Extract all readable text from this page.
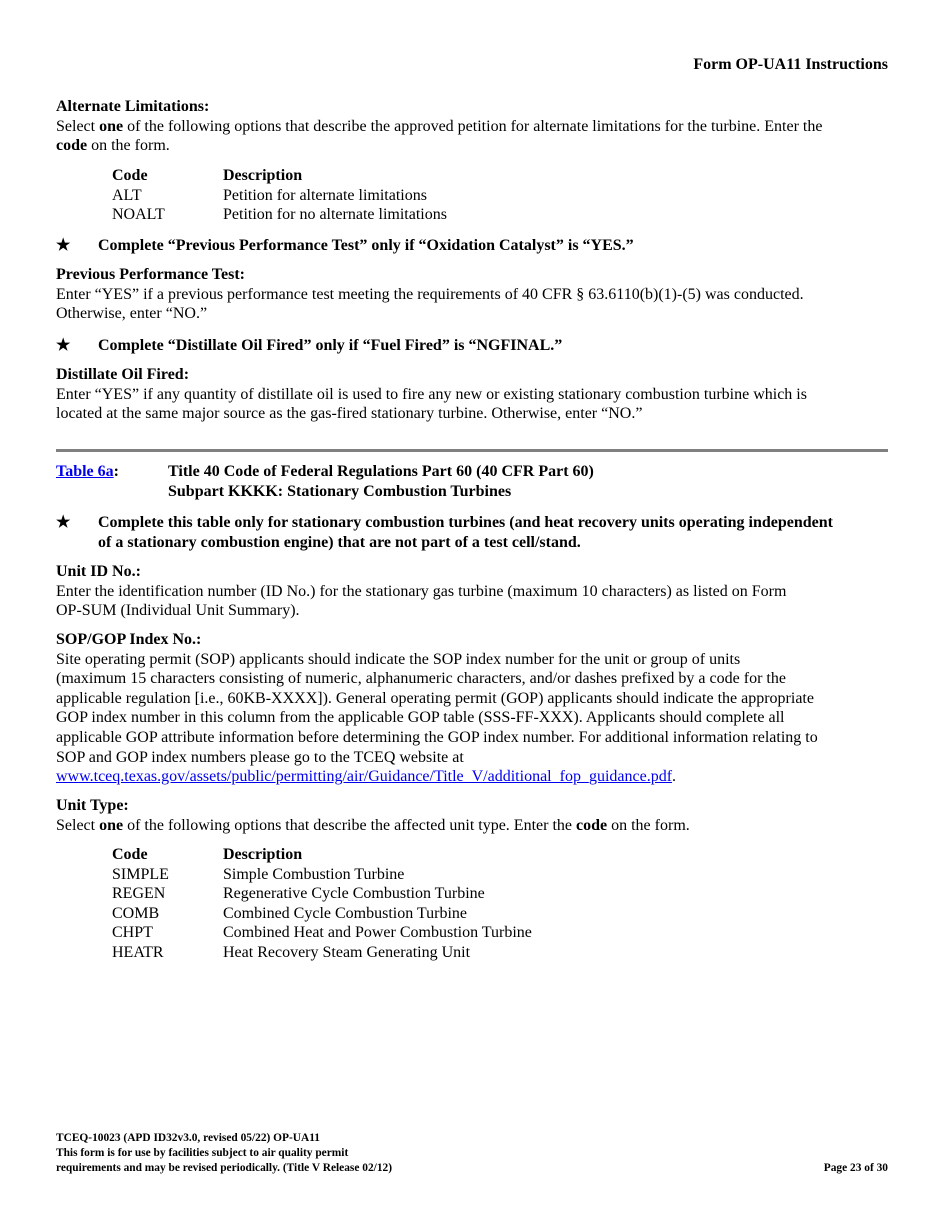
Form OP-UA11 Instructions
Alternate Limitations:
Select one of the following options that describe the approved petition for alternate limitations for the turbine. Enter the
code on the form.
Code	Description
ALT	Petition for alternate limitations
NOALT	Petition for no alternate limitations
★	Complete “Previous Performance Test” only if “Oxidation Catalyst” is “YES.”
Previous Performance Test:
Enter “YES” if a previous performance test meeting the requirements of 40 CFR § 63.6110(b)(1)-(5) was conducted.
Otherwise, enter “NO.”
★	Complete “Distillate Oil Fired” only if “Fuel Fired” is “NGFINAL.”
Distillate Oil Fired:
Enter “YES” if any quantity of distillate oil is used to fire any new or existing stationary combustion turbine which is
located at the same major source as the gas-fired stationary turbine. Otherwise, enter “NO.”
Table 6a:	Title 40 Code of Federal Regulations Part 60 (40 CFR Part 60)
Subpart KKKK: Stationary Combustion Turbines
★	Complete this table only for stationary combustion turbines (and heat recovery units operating independent
of a stationary combustion engine) that are not part of a test cell/stand.
Unit ID No.:
Enter the identification number (ID No.) for the stationary gas turbine (maximum 10 characters) as listed on Form
OP-SUM (Individual Unit Summary).
SOP/GOP Index No.:
Site operating permit (SOP) applicants should indicate the SOP index number for the unit or group of units
(maximum 15 characters consisting of numeric, alphanumeric characters, and/or dashes prefixed by a code for the
applicable regulation [i.e., 60KB-XXXX]). General operating permit (GOP) applicants should indicate the appropriate
GOP index number in this column from the applicable GOP table (SSS-FF-XXX). Applicants should complete all
applicable GOP attribute information before determining the GOP index number. For additional information relating to
SOP and GOP index numbers please go to the TCEQ website at
www.tceq.texas.gov/assets/public/permitting/air/Guidance/Title_V/additional_fop_guidance.pdf.
Unit Type:
Select one of the following options that describe the affected unit type. Enter the code on the form.
Code	Description
SIMPLE	Simple Combustion Turbine
REGEN	Regenerative Cycle Combustion Turbine
COMB	Combined Cycle Combustion Turbine
CHPT	Combined Heat and Power Combustion Turbine
HEATR	Heat Recovery Steam Generating Unit
TCEQ-10023 (APD ID32v3.0, revised 05/22) OP-UA11
This form is for use by facilities subject to air quality permit
requirements and may be revised periodically. (Title V Release 02/12)	Page 23 of 30
